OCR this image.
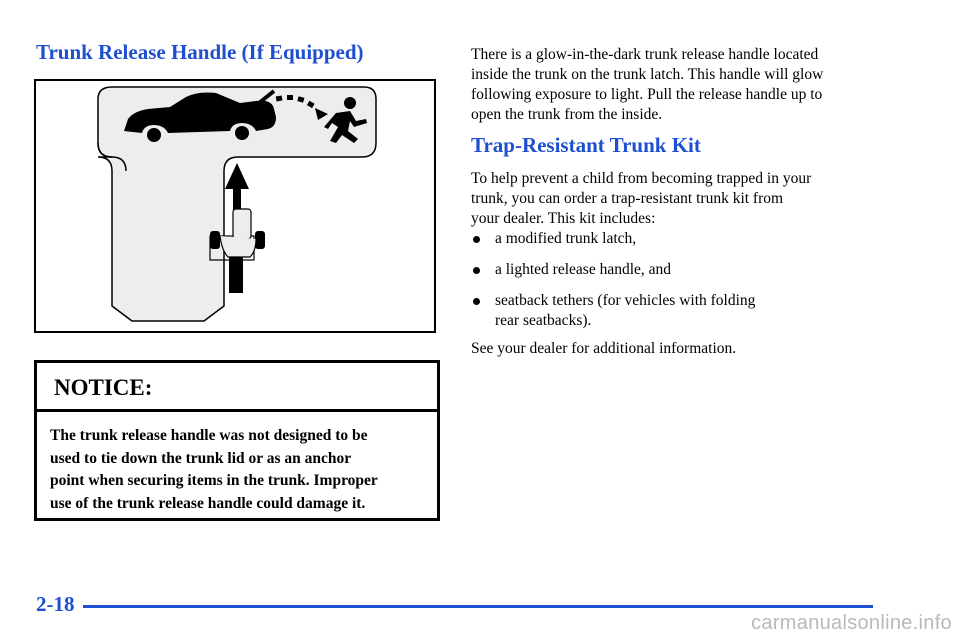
Trunk Release Handle (If Equipped)
NOTICE:

The trunk release handle was not designed to be
used to tie down the trunk lid or as an anchor
point when securing items in the trunk. Improper
use of the trunk release handle could damage it.

There is a glow-in-the-dark trunk release handle located
inside the trunk on the trunk latch. This handle will glow
following exposure to light. Pull the release handle up to
open the trunk from the inside.

Trap-Resistant Trunk Kit

To help prevent a child from becoming trapped in your
trunk, you can order a trap-resistant trunk kit from
your dealer. This kit includes:

a modified trunk latch,
a lighted release handle, and
seatback tethers (for vehicles with folding
rear seatbacks).

See your dealer for additional information.

2-18
carmanualsonline.info
